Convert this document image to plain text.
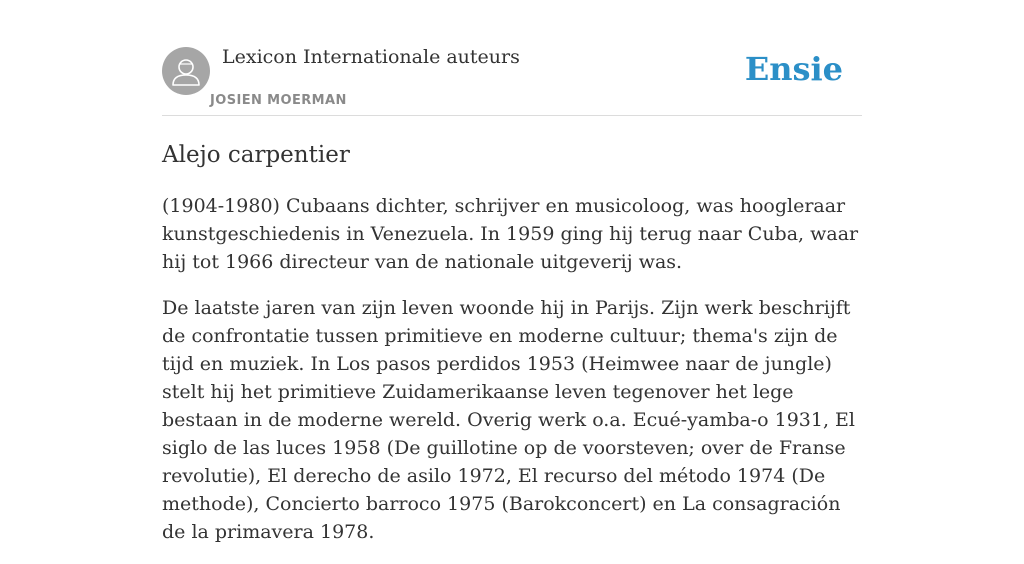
Lexicon Internationale auteurs
JOSIEN MOERMAN
Ensie
Alejo carpentier

(1904-1980) Cubaans dichter, schrijver en musicoloog, was hoogleraar kunstgeschiedenis in Venezuela. In 1959 ging hij terug naar Cuba, waar hij tot 1966 directeur van de nationale uitgeverij was.

De laatste jaren van zijn leven woonde hij in Parijs. Zijn werk beschrijft de confrontatie tussen primitieve en moderne cultuur; thema's zijn de tijd en muziek. In Los pasos perdidos 1953 (Heimwee naar de jungle) stelt hij het primitieve Zuidamerikaanse leven tegenover het lege bestaan in de moderne wereld. Overig werk o.a. Ecué-yamba-o 1931, El siglo de las luces 1958 (De guillotine op de voorsteven; over de Franse revolutie), El derecho de asilo 1972, El recurso del método 1974 (De methode), Concierto barroco 1975 (Barokconcert) en La consagración de la primavera 1978.
